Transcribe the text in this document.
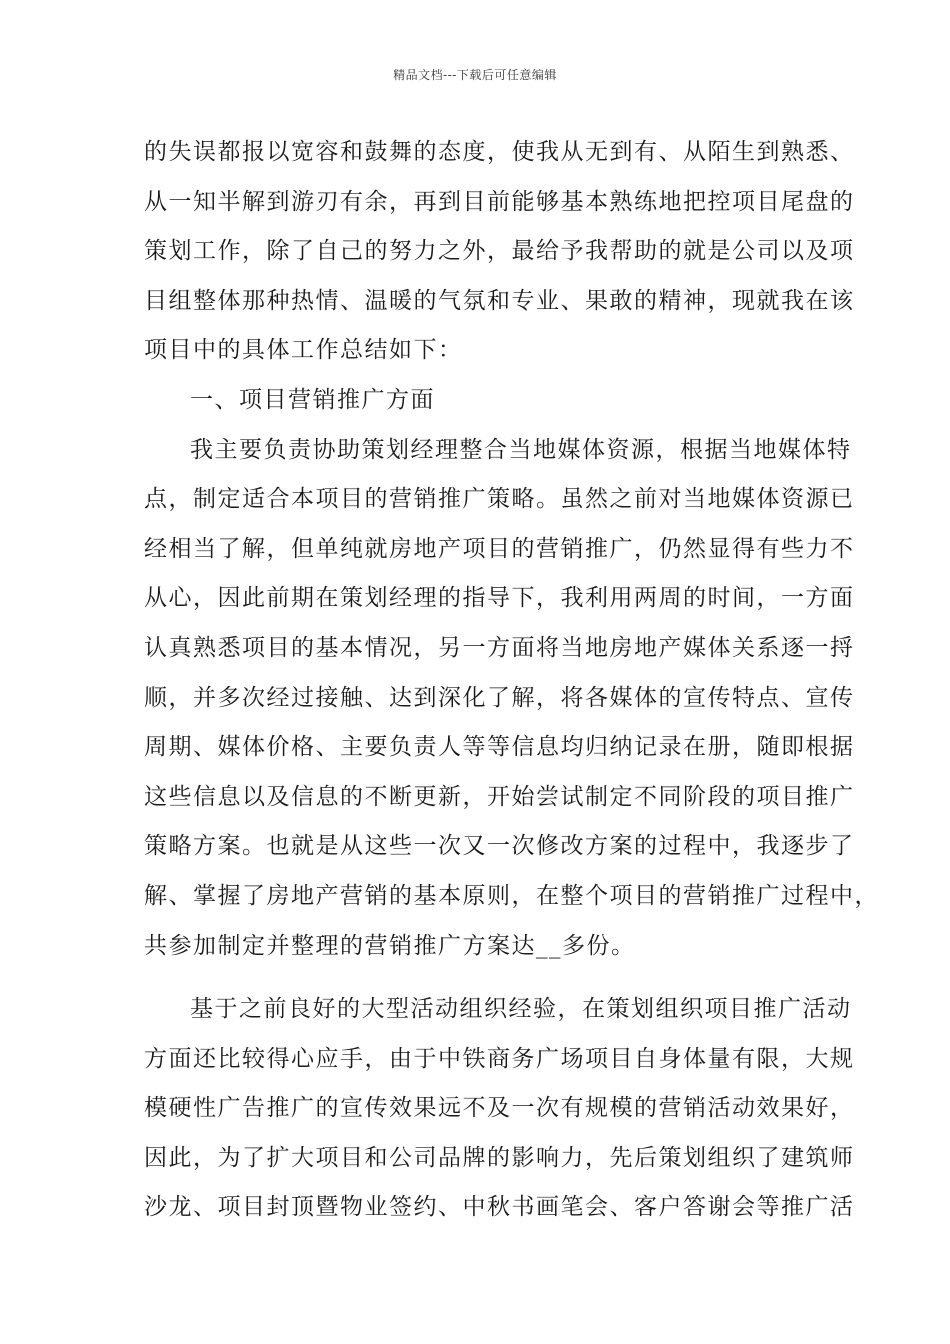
精品文档---下载后可任意编辑
的失误都报以宽容和鼓舞的态度，使我从无到有、从陌生到熟悉、
从一知半解到游刃有余，再到目前能够基本熟练地把控项目尾盘的
策划工作，除了自己的努力之外，最给予我帮助的就是公司以及项
目组整体那种热情、温暖的气氛和专业、果敢的精神，现就我在该
项目中的具体工作总结如下：
一、项目营销推广方面
我主要负责协助策划经理整合当地媒体资源，根据当地媒体特
点，制定适合本项目的营销推广策略。虽然之前对当地媒体资源已
经相当了解，但单纯就房地产项目的营销推广，仍然显得有些力不
从心，因此前期在策划经理的指导下，我利用两周的时间，一方面
认真熟悉项目的基本情况，另一方面将当地房地产媒体关系逐一捋
顺，并多次经过接触、达到深化了解，将各媒体的宣传特点、宣传
周期、媒体价格、主要负责人等等信息均归纳记录在册，随即根据
这些信息以及信息的不断更新，开始尝试制定不同阶段的项目推广
策略方案。也就是从这些一次又一次修改方案的过程中，我逐步了
解、掌握了房地产营销的基本原则，在整个项目的营销推广过程中，
共参加制定并整理的营销推广方案达__多份。
基于之前良好的大型活动组织经验，在策划组织项目推广活动
方面还比较得心应手，由于中铁商务广场项目自身体量有限，大规
模硬性广告推广的宣传效果远不及一次有规模的营销活动效果好，
因此，为了扩大项目和公司品牌的影响力，先后策划组织了建筑师
沙龙、项目封顶暨物业签约、中秋书画笔会、客户答谢会等推广活
